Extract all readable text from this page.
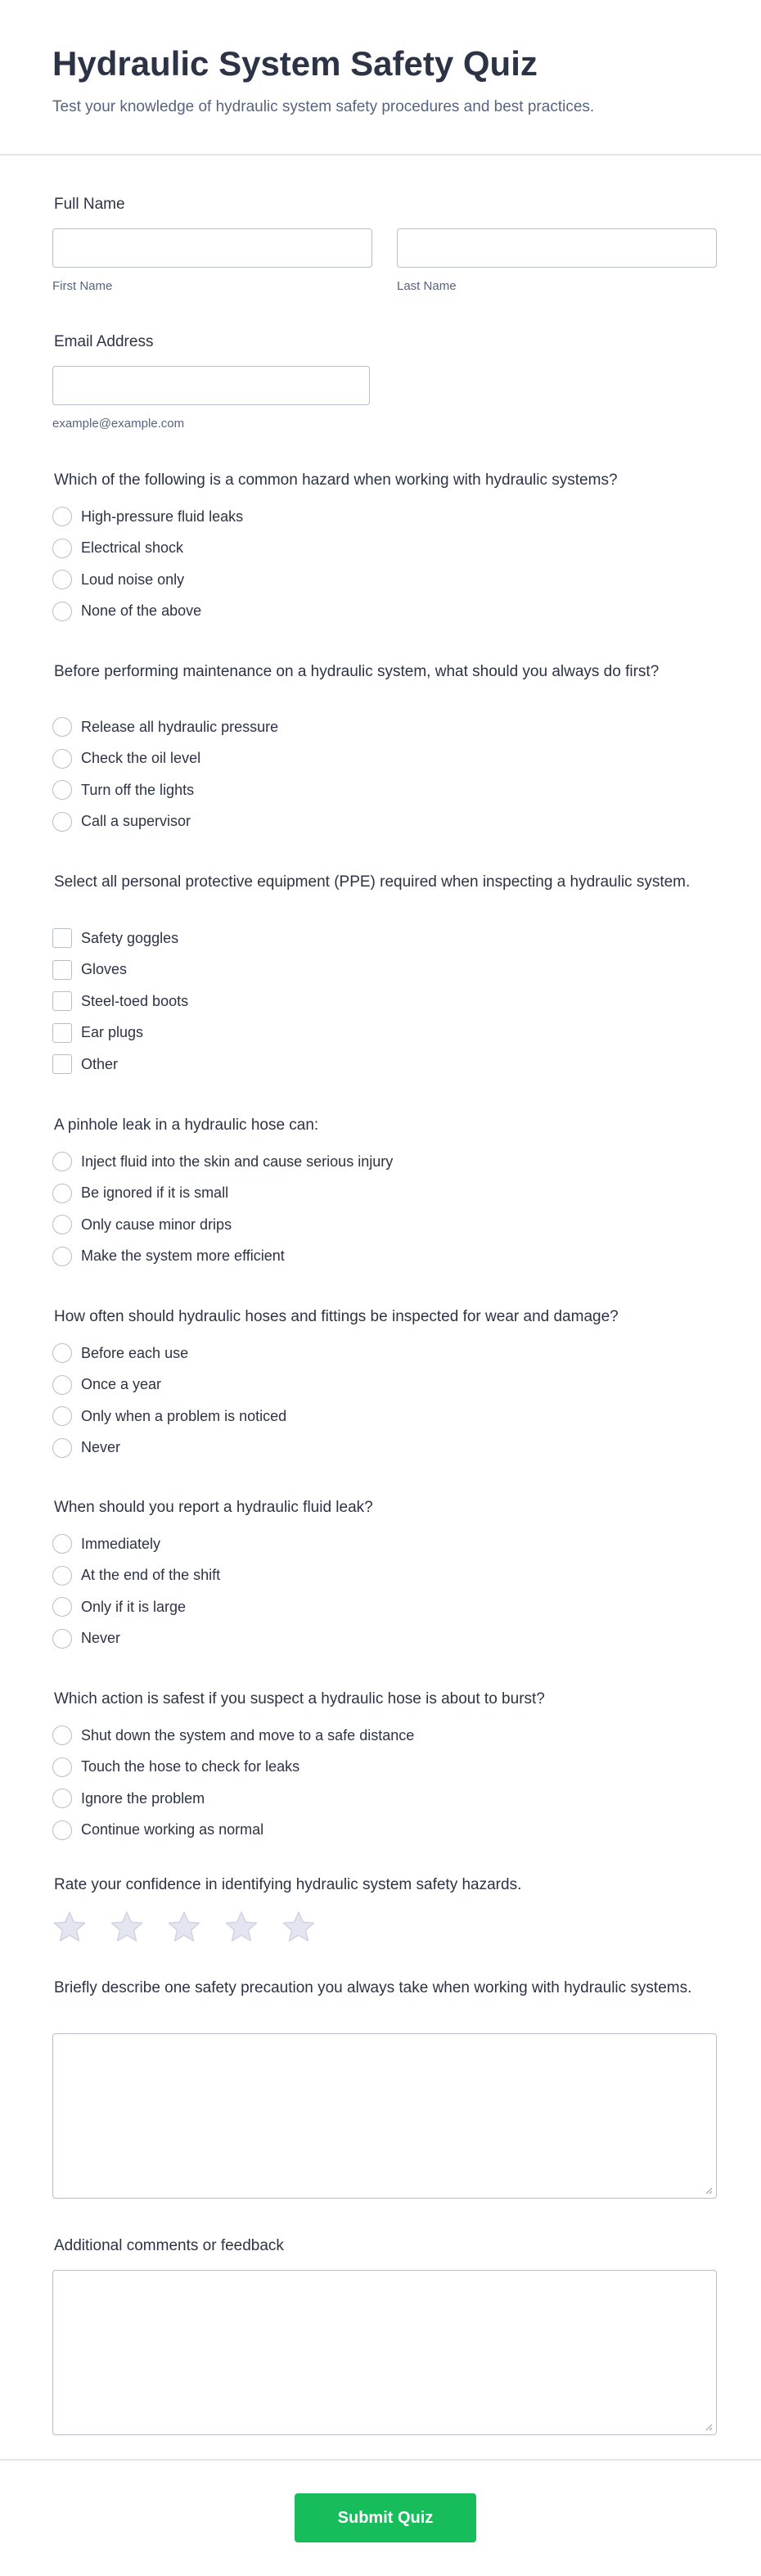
Hydraulic System Safety Quiz

Test your knowledge of hydraulic system safety procedures and best practices.

Full Name
First Name	Last Name
Email Address
example@example.com
Which of the following is a common hazard when working with hydraulic systems?
High-pressure fluid leaks
Electrical shock
Loud noise only
None of the above
Before performing maintenance on a hydraulic system, what should you always do first?
Release all hydraulic pressure
Check the oil level
Turn off the lights
Call a supervisor
Select all personal protective equipment (PPE) required when inspecting a hydraulic system.
Safety goggles
Gloves
Steel-toed boots
Ear plugs
Other
A pinhole leak in a hydraulic hose can:
Inject fluid into the skin and cause serious injury
Be ignored if it is small
Only cause minor drips
Make the system more efficient
How often should hydraulic hoses and fittings be inspected for wear and damage?
Before each use
Once a year
Only when a problem is noticed
Never
When should you report a hydraulic fluid leak?
Immediately
At the end of the shift
Only if it is large
Never
Which action is safest if you suspect a hydraulic hose is about to burst?
Shut down the system and move to a safe distance
Touch the hose to check for leaks
Ignore the problem
Continue working as normal
Rate your confidence in identifying hydraulic system safety hazards.
Briefly describe one safety precaution you always take when working with hydraulic systems.
Additional comments or feedback
Submit Quiz
